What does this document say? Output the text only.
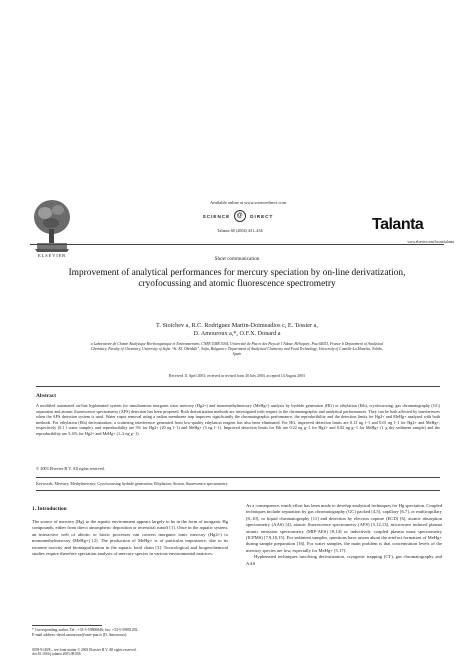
ELSEVIER
Available online at www.sciencedirect.com
SCIENCE	@	DIRECT
Talanta 68 (2004) 431–436	Talanta
www.elsevier.com/locate/talanta
Short communication
Improvement of analytical performances for mercury speciation by on-line derivatization, cryofocussing and atomic fluorescence spectrometry
T. Stoichev a, R.C. Rodriguez Martin-Doimeadios c, E. Tessier a,
D. Amouroux a,*, O.F.X. Donard a
a Laboratoire de Chimie Analytique Bio-Inorganique et Environnement, CNRS UMR 5034, Université de Pau et des Pays de l’Adour, Hélioparc, Pau 64053, France b Department of Analytical Chemistry, Faculty of Chemistry, University of Sofia “St. Kl. Ohridski”, Sofia, Bulgaria c Department of Analytical Chemistry and Food Technology, University of Castilla-La Mancha, Toledo, Spain
Received 11 April 2003; received in revised form 30 July 2003; accepted 14 August 2003
Abstract
A modified automated on-line hyphenated system for simultaneous inorganic ionic mercury (Hg2+) and monomethylmercury (MeHg+) analysis by hydride generation (HG) or ethylation (Eth), cryofocussing, gas chromatography (GC) separation and atomic fluorescence spectrometry (AFS) detection has been proposed. Both derivatization methods are investigated with respect to the chromatographic and analytical performances. They can be both affected by interferences when the AFS detection system is used. Water vapor removal using a nafion membrane trap improves significantly the chromatographic performance, the reproducibility and the detection limits for Hg2+ and MeHg+ analysed with both methods. For ethylation (Eth) derivatization, a scattering interference generated from low-quality ethylation reagent has also been eliminated. For HG, improved detection limits are 0.13 ng l−1 and 0.01 ng l−1 for Hg2+ and MeHg+, respectively (0.1 l water sample), and reproducibility are 5% for Hg2+ (20 ng l−1) and MeHg+ (5 ng l−1). Improved detection limits for Eth are 0.22 ng g−1 for Hg2+ and 0.02 ng g−1 for MeHg+ (1 g dry sediment sample) and the reproducibility are 5–6% for Hg2+ and MeHg+ (1–2 ng g−1).
© 2003 Elsevier B.V. All rights reserved.
Keywords: Mercury; Methylmercury; Cryofocussing hydride generation; Ethylation; Atomic fluorescence spectrometry
1. Introduction
The source of mercury (Hg) to the aquatic environment appears largely to be in the form of inorganic Hg compounds, either from direct atmospheric deposition or terrestrial runoff [1]. Once in the aquatic system, an interactive web of abiotic or biotic processes can convert inorganic ionic mercury (Hg2+) to monomethylmercury (MeHg+) [2]. The production of MeHg+ is of particular importance, due to its extreme toxicity and biomagnification in the aquatic food chain [3]. Toxicological and biogeochemical studies require therefore speciation analysis of mercury species in various environmental matrices.
As a consequence, much effort has been made to develop analytical techniques for Hg speciation. Coupled techniques include separation by gas chromatography (GC) packed [4,5], capillary [6,7], or multicapillary [8–10], or liquid chromatography [11] and detection by electron capture (ECD) [6], atomic absorption spectrometry (AAS) [4], atomic fluorescence spectrometry (AFS) [5,12,13], microwave induced plasma atomic emission spectrometry (MIP-AES) [8,14] or inductively coupled plasma mass spectrometry (ICPMS) [7,9,10,15]. For sediment samples, questions have arisen about the artefact formation of MeHg+ during sample preparation [16]. For water samples, the main problem is that concentration levels of the mercury species are low, especially for MeHg+ [5,17].
Hyphenated techniques involving derivatization, cryogenic trapping (CT), gas chromatography and AAS
* Corresponding author. Tel.: +33-5-59806846; fax: +33-5-59801292.
E-mail address: david.amouroux@univ-pau.fr (D. Amouroux).
0039-9140/$ – see front matter © 2003 Elsevier B.V. All rights reserved.
doi:10.1016/j.talanta.2003.08.006
